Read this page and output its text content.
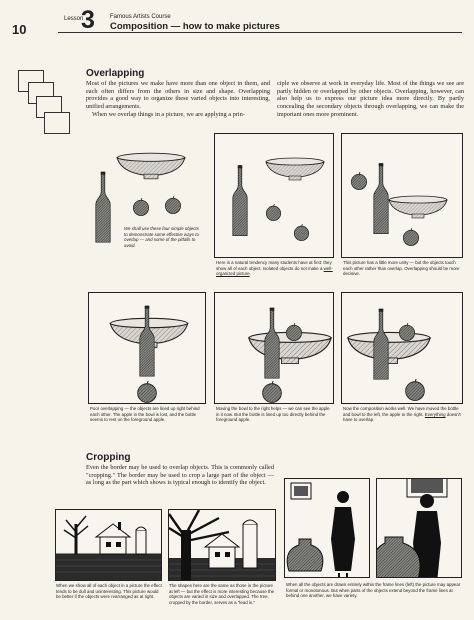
10
Lesson
3	Famous Artists Course
Composition — how to make pictures
Overlapping
Most of the pictures we make have more than one object in them, and each often differs from the others in size and shape. Overlapping provides a good way to organize these varied objects into interesting, unified arrangements.
When we overlap things in a picture, we are applying a prin-
ciple we observe at work in everyday life. Most of the things we see are partly hidden or overlapped by other objects. Overlapping, however, can also help us to express our picture idea more directly. By partly concealing the secondary objects through overlapping, we can make the important ones more prominent.
We shall use these four simple objects to demonstrate some effective ways to overlap — and some of the pitfalls to avoid.
Here is a natural tendency many students have at first: they show all of each object. Isolated objects do not make a well-organized picture.
This picture has a little more unity — but the objects touch each other rather than overlap. Overlapping should be more decisive.
Poor overlapping — the objects are lined up right behind each other. The apple in the bowl is lost, and the bottle seems to rest on the foreground apple.
Moving the bowl to the right helps — we can see the apple in it now. But the bottle is lined up too directly behind the foreground apple.
Now the composition works well. We have moved the bottle and bowl to the left, the apple to the right. Everything doesn't have to overlap.
Cropping
Even the border may be used to overlap objects. This is commonly called "cropping." The border may be used to crop a large part of the object — as long as the part which shows is typical enough to identify the object.
When we show all of each object in a picture the effect tends to be dull and uninteresting. This picture would be better if the objects were rearranged as at right.
The shapes here are the same as those in the picture at left — but the effect is more interesting because the objects are varied in size and overlapped. The tree, cropped by the border, serves as a "lead in."
When all the objects are drawn entirely within the frame lines (left) the picture may appear formal or monotonous. But when parts of the objects extend beyond the frame lines at behind one another, we have variety.
